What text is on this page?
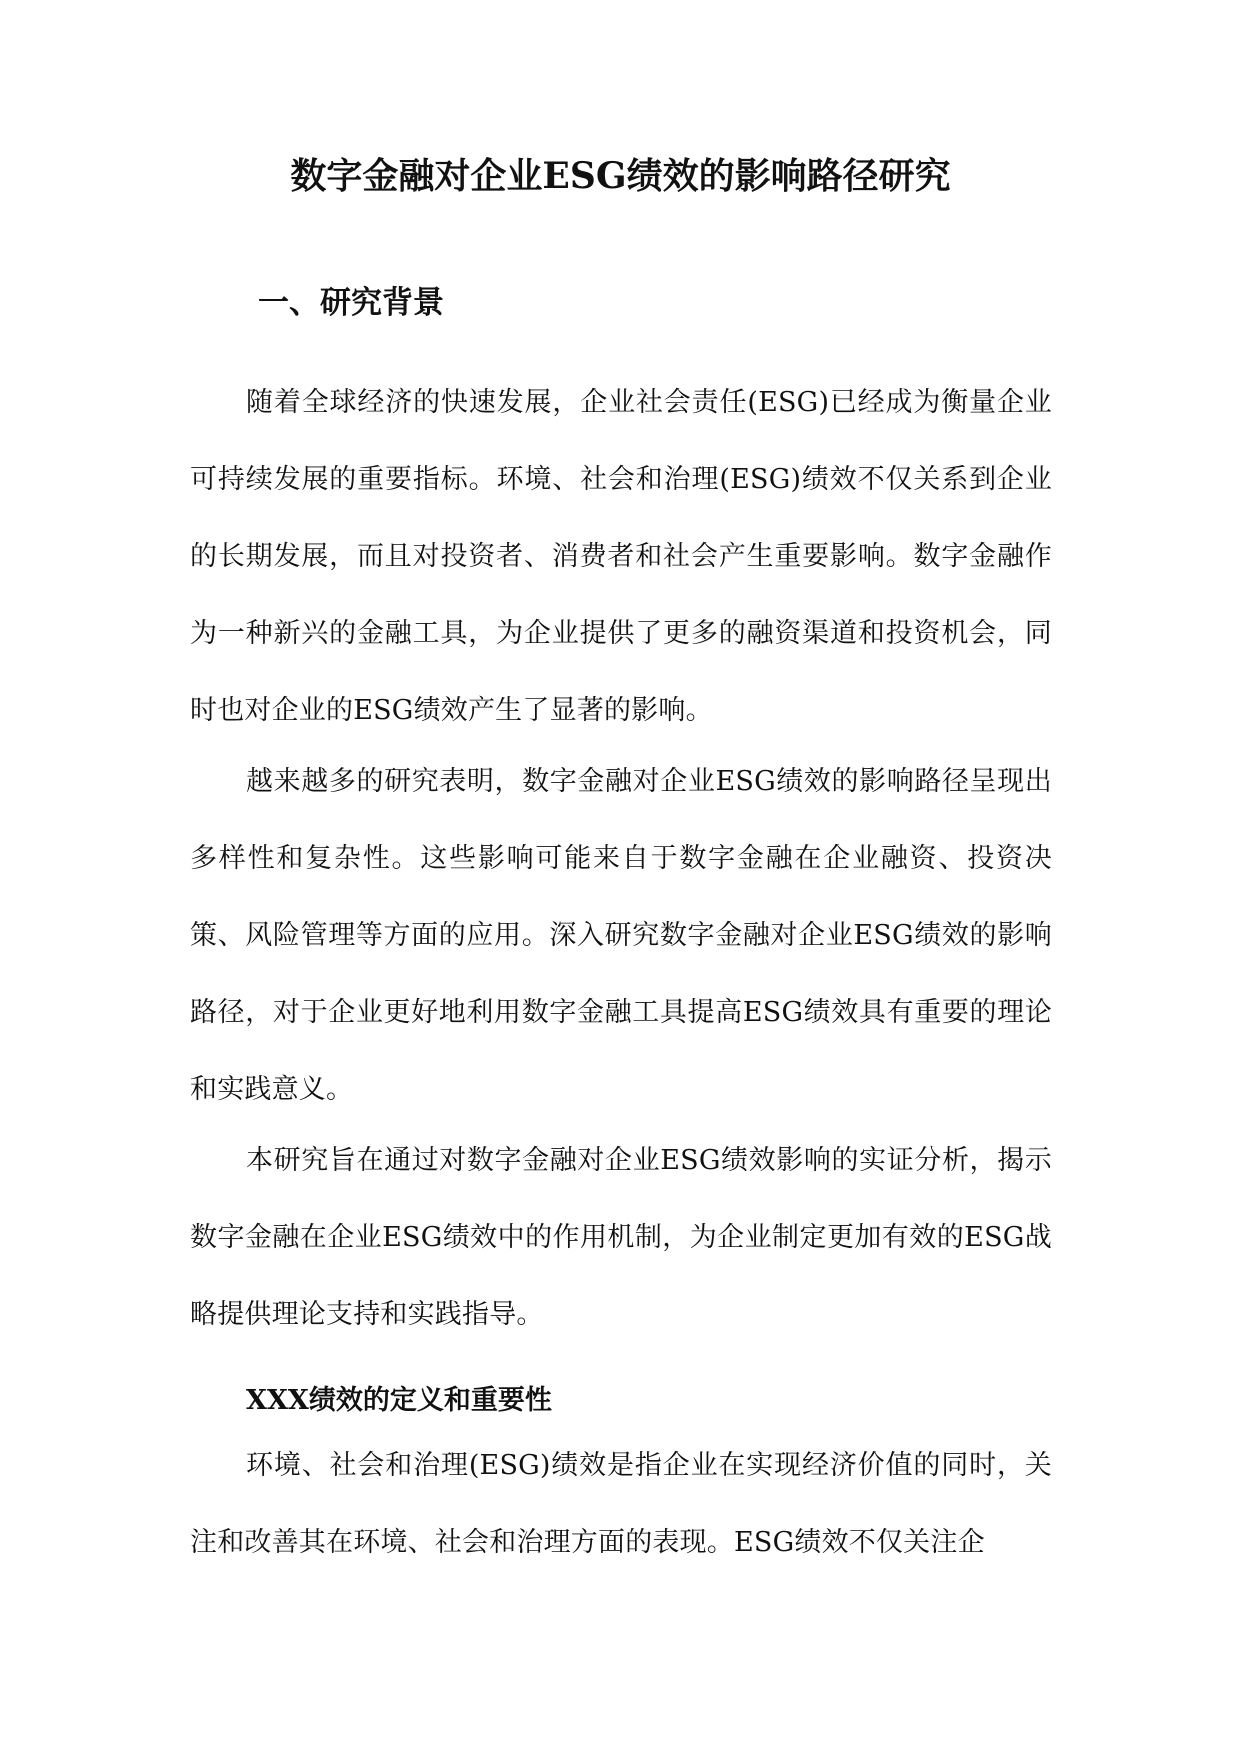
数字金融对企业ESG绩效的影响路径研究
一、研究背景

随着全球经济的快速发展，企业社会责任(ESG)已经成为衡量企业可持续发展的重要指标。环境、社会和治理(ESG)绩效不仅关系到企业的长期发展，而且对投资者、消费者和社会产生重要影响。数字金融作为一种新兴的金融工具，为企业提供了更多的融资渠道和投资机会，同时也对企业的ESG绩效产生了显著的影响。

越来越多的研究表明，数字金融对企业ESG绩效的影响路径呈现出多样性和复杂性。这些影响可能来自于数字金融在企业融资、投资决策、风险管理等方面的应用。深入研究数字金融对企业ESG绩效的影响路径，对于企业更好地利用数字金融工具提高ESG绩效具有重要的理论和实践意义。

本研究旨在通过对数字金融对企业ESG绩效影响的实证分析，揭示数字金融在企业ESG绩效中的作用机制，为企业制定更加有效的ESG战略提供理论支持和实践指导。

XXX绩效的定义和重要性

环境、社会和治理(ESG)绩效是指企业在实现经济价值的同时，关注和改善其在环境、社会和治理方面的表现。ESG绩效不仅关注企
